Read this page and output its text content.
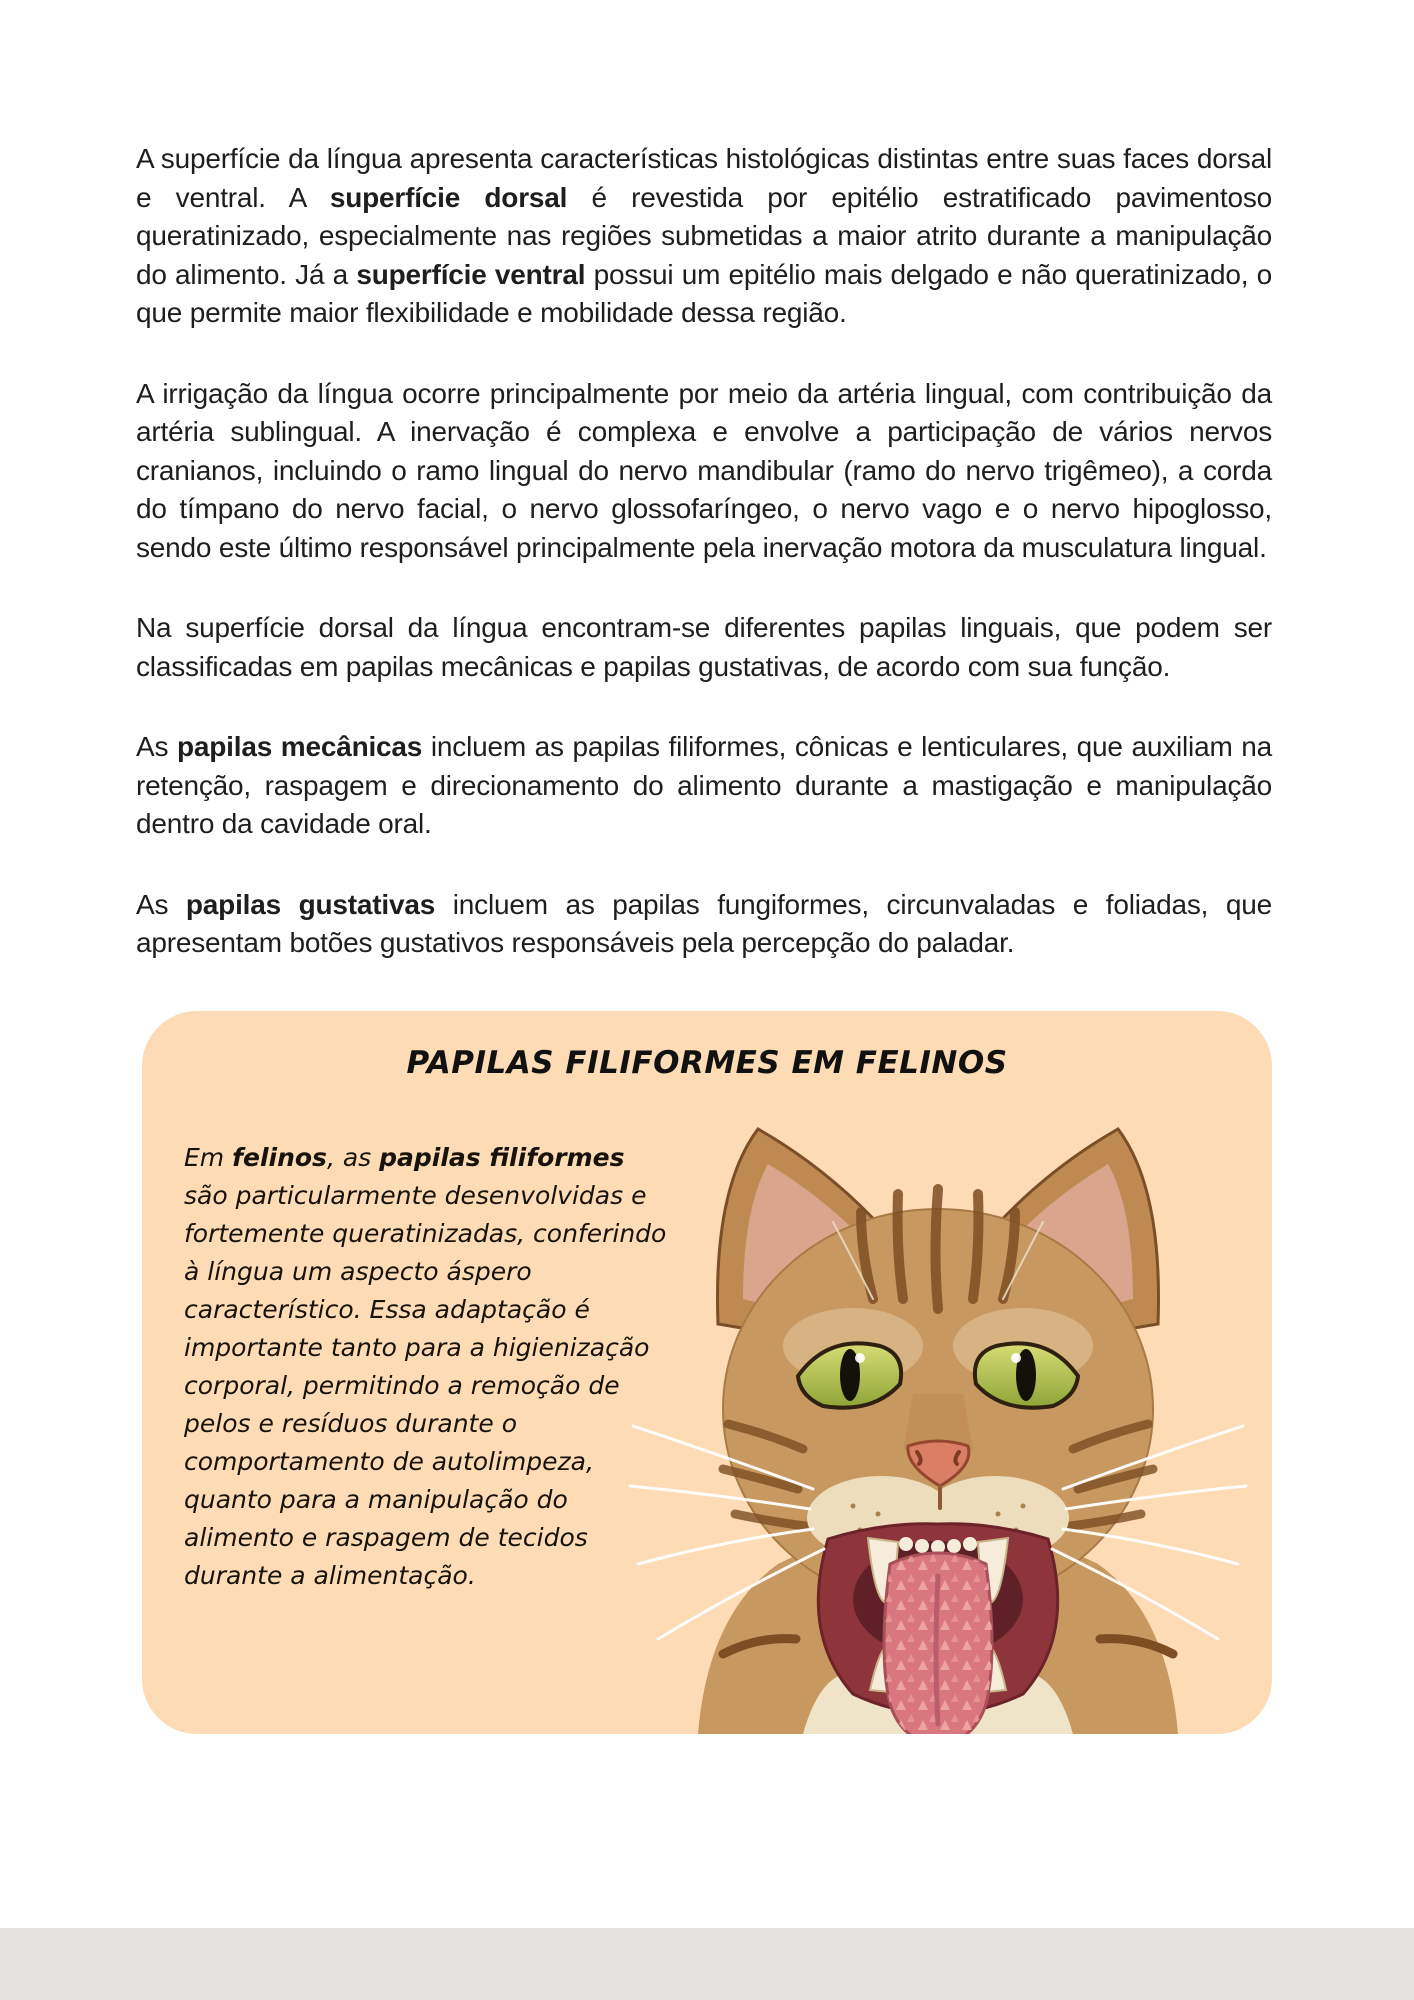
A superfície da língua apresenta características histológicas distintas entre suas faces dorsal e ventral. A superfície dorsal é revestida por epitélio estratificado pavimentoso queratinizado, especialmente nas regiões submetidas a maior atrito durante a manipulação do alimento. Já a superfície ventral possui um epitélio mais delgado e não queratinizado, o que permite maior flexibilidade e mobilidade dessa região.

A irrigação da língua ocorre principalmente por meio da artéria lingual, com contribuição da artéria sublingual. A inervação é complexa e envolve a participação de vários nervos cranianos, incluindo o ramo lingual do nervo mandibular (ramo do nervo trigêmeo), a corda do tímpano do nervo facial, o nervo glossofaríngeo, o nervo vago e o nervo hipoglosso, sendo este último responsável principalmente pela inervação motora da musculatura lingual.

Na superfície dorsal da língua encontram-se diferentes papilas linguais, que podem ser classificadas em papilas mecânicas e papilas gustativas, de acordo com sua função.

As papilas mecânicas incluem as papilas filiformes, cônicas e lenticulares, que auxiliam na retenção, raspagem e direcionamento do alimento durante a mastigação e manipulação dentro da cavidade oral.

As papilas gustativas incluem as papilas fungiformes, circunvaladas e foliadas, que apresentam botões gustativos responsáveis pela percepção do paladar.

PAPILAS FILIFORMES EM FELINOS

Em felinos, as papilas filiformes são particularmente desenvolvidas e fortemente queratinizadas, conferindo à língua um aspecto áspero característico. Essa adaptação é importante tanto para a higienização corporal, permitindo a remoção de pelos e resíduos durante o comportamento de autolimpeza, quanto para a manipulação do alimento e raspagem de tecidos durante a alimentação.
